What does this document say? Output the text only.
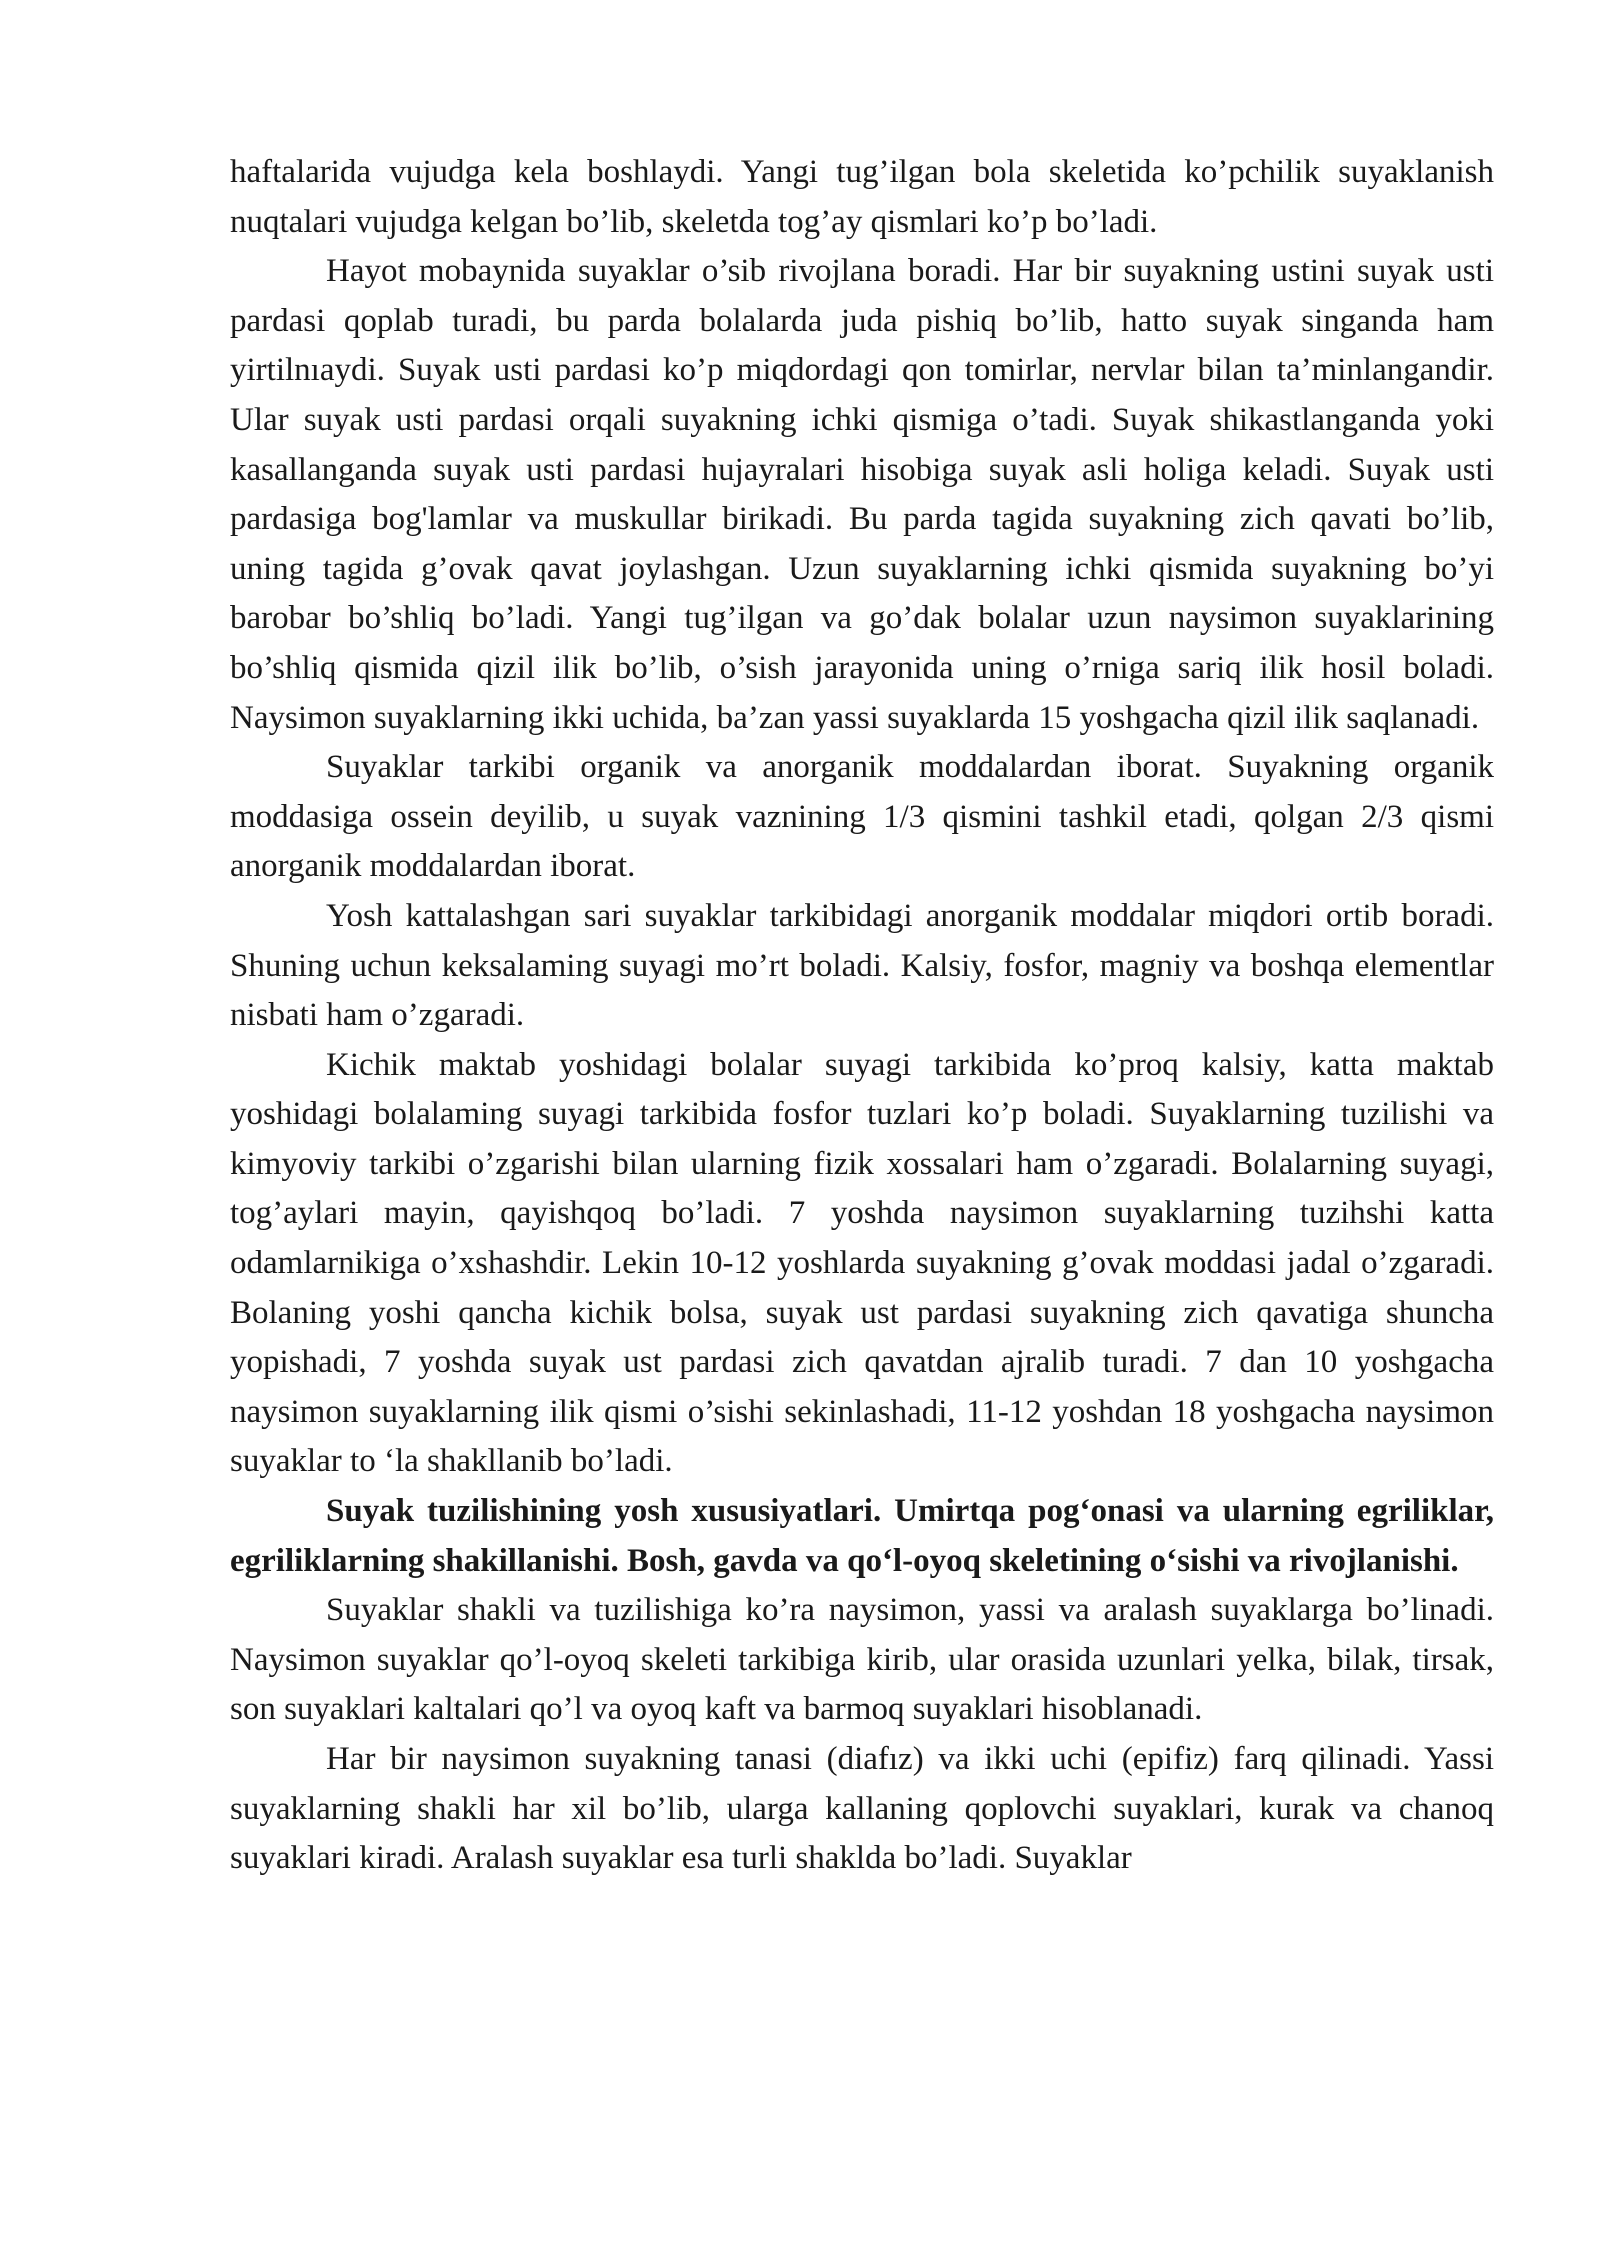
haftalarida vujudga kela boshlaydi. Yangi tug’ilgan bola skeletida ko’pchilik suyaklanish nuqtalari vujudga kelgan bo’lib, skeletda tog’ay qismlari ko’p bo’ladi.

Hayot mobaynida suyaklar o’sib rivojlana boradi. Har bir suyakning ustini suyak usti pardasi qoplab turadi, bu parda bolalarda juda pishiq bo’lib, hatto suyak singanda ham yirtilnıaydi. Suyak usti pardasi ko’p miqdordagi qon tomirlar, nervlar bilan ta’minlangandir. Ular suyak usti pardasi orqali suyakning ichki qismiga o’tadi. Suyak shikastlanganda yoki kasallanganda suyak usti pardasi hujayralari hisobiga suyak asli holiga keladi. Suyak usti pardasiga bog'lamlar va muskullar birikadi. Bu parda tagida suyakning zich qavati bo’lib, uning tagida g’ovak qavat joylashgan. Uzun suyaklarning ichki qismida suyakning bo’yi barobar bo’shliq bo’ladi. Yangi tug’ilgan va go’dak bolalar uzun naysimon suyaklarining bo’shliq qismida qizil ilik bo’lib, o’sish jarayonida uning o’rniga sariq ilik hosil boladi. Naysimon suyaklarning ikki uchida, ba’zan yassi suyaklarda 15 yoshgacha qizil ilik saqlanadi.

Suyaklar tarkibi organik va anorganik moddalardan iborat. Suyakning organik moddasiga ossein deyilib, u suyak vaznining 1/3 qismini tashkil etadi, qolgan 2/3 qismi anorganik moddalardan iborat.

Yosh kattalashgan sari suyaklar tarkibidagi anorganik moddalar miqdori ortib boradi. Shuning uchun keksalaming suyagi mo’rt boladi. Kalsiy, fosfor, magniy va boshqa elementlar nisbati ham o’zgaradi.

Kichik maktab yoshidagi bolalar suyagi tarkibida ko’proq kalsiy, katta maktab yoshidagi bolalaming suyagi tarkibida fosfor tuzlari ko’p boladi. Suyaklarning tuzilishi va kimyoviy tarkibi o’zgarishi bilan ularning fizik xossalari ham o’zgaradi. Bolalarning suyagi, tog’aylari mayin, qayishqoq bo’ladi. 7 yoshda naysimon suyaklarning tuzihshi katta odamlarnikiga o’xshashdir. Lekin 10-12 yoshlarda suyakning g’ovak moddasi jadal o’zgaradi. Bolaning yoshi qancha kichik bolsa, suyak ust pardasi suyakning zich qavatiga shuncha yopishadi, 7 yoshda suyak ust pardasi zich qavatdan ajralib turadi. 7 dan 10 yoshgacha naysimon suyaklarning ilik qismi o’sishi sekinlashadi, 11-12 yoshdan 18 yoshgacha naysimon suyaklar to ‘la shakllanib bo’ladi.

Suyak tuzilishining yosh xususiyatlari. Umirtqa pog‘onasi va ularning egriliklar, egriliklarning shakillanishi. Bosh, gavda va qo‘l-oyoq skeletining o‘sishi va rivojlanishi.

Suyaklar shakli va tuzilishiga ko’ra naysimon, yassi va aralash suyaklarga bo’linadi. Naysimon suyaklar qo’l-oyoq skeleti tarkibiga kirib, ular orasida uzunlari yelka, bilak, tirsak, son suyaklari kaltalari qo’l va oyoq kaft va barmoq suyaklari hisoblanadi.

Har bir naysimon suyakning tanasi (diafız) va ikki uchi (epifiz) farq qilinadi. Yassi suyaklarning shakli har xil bo’lib, ularga kallaning qoplovchi suyaklari, kurak va chanoq suyaklari kiradi. Aralash suyaklar esa turli shaklda bo’ladi. Suyaklar
